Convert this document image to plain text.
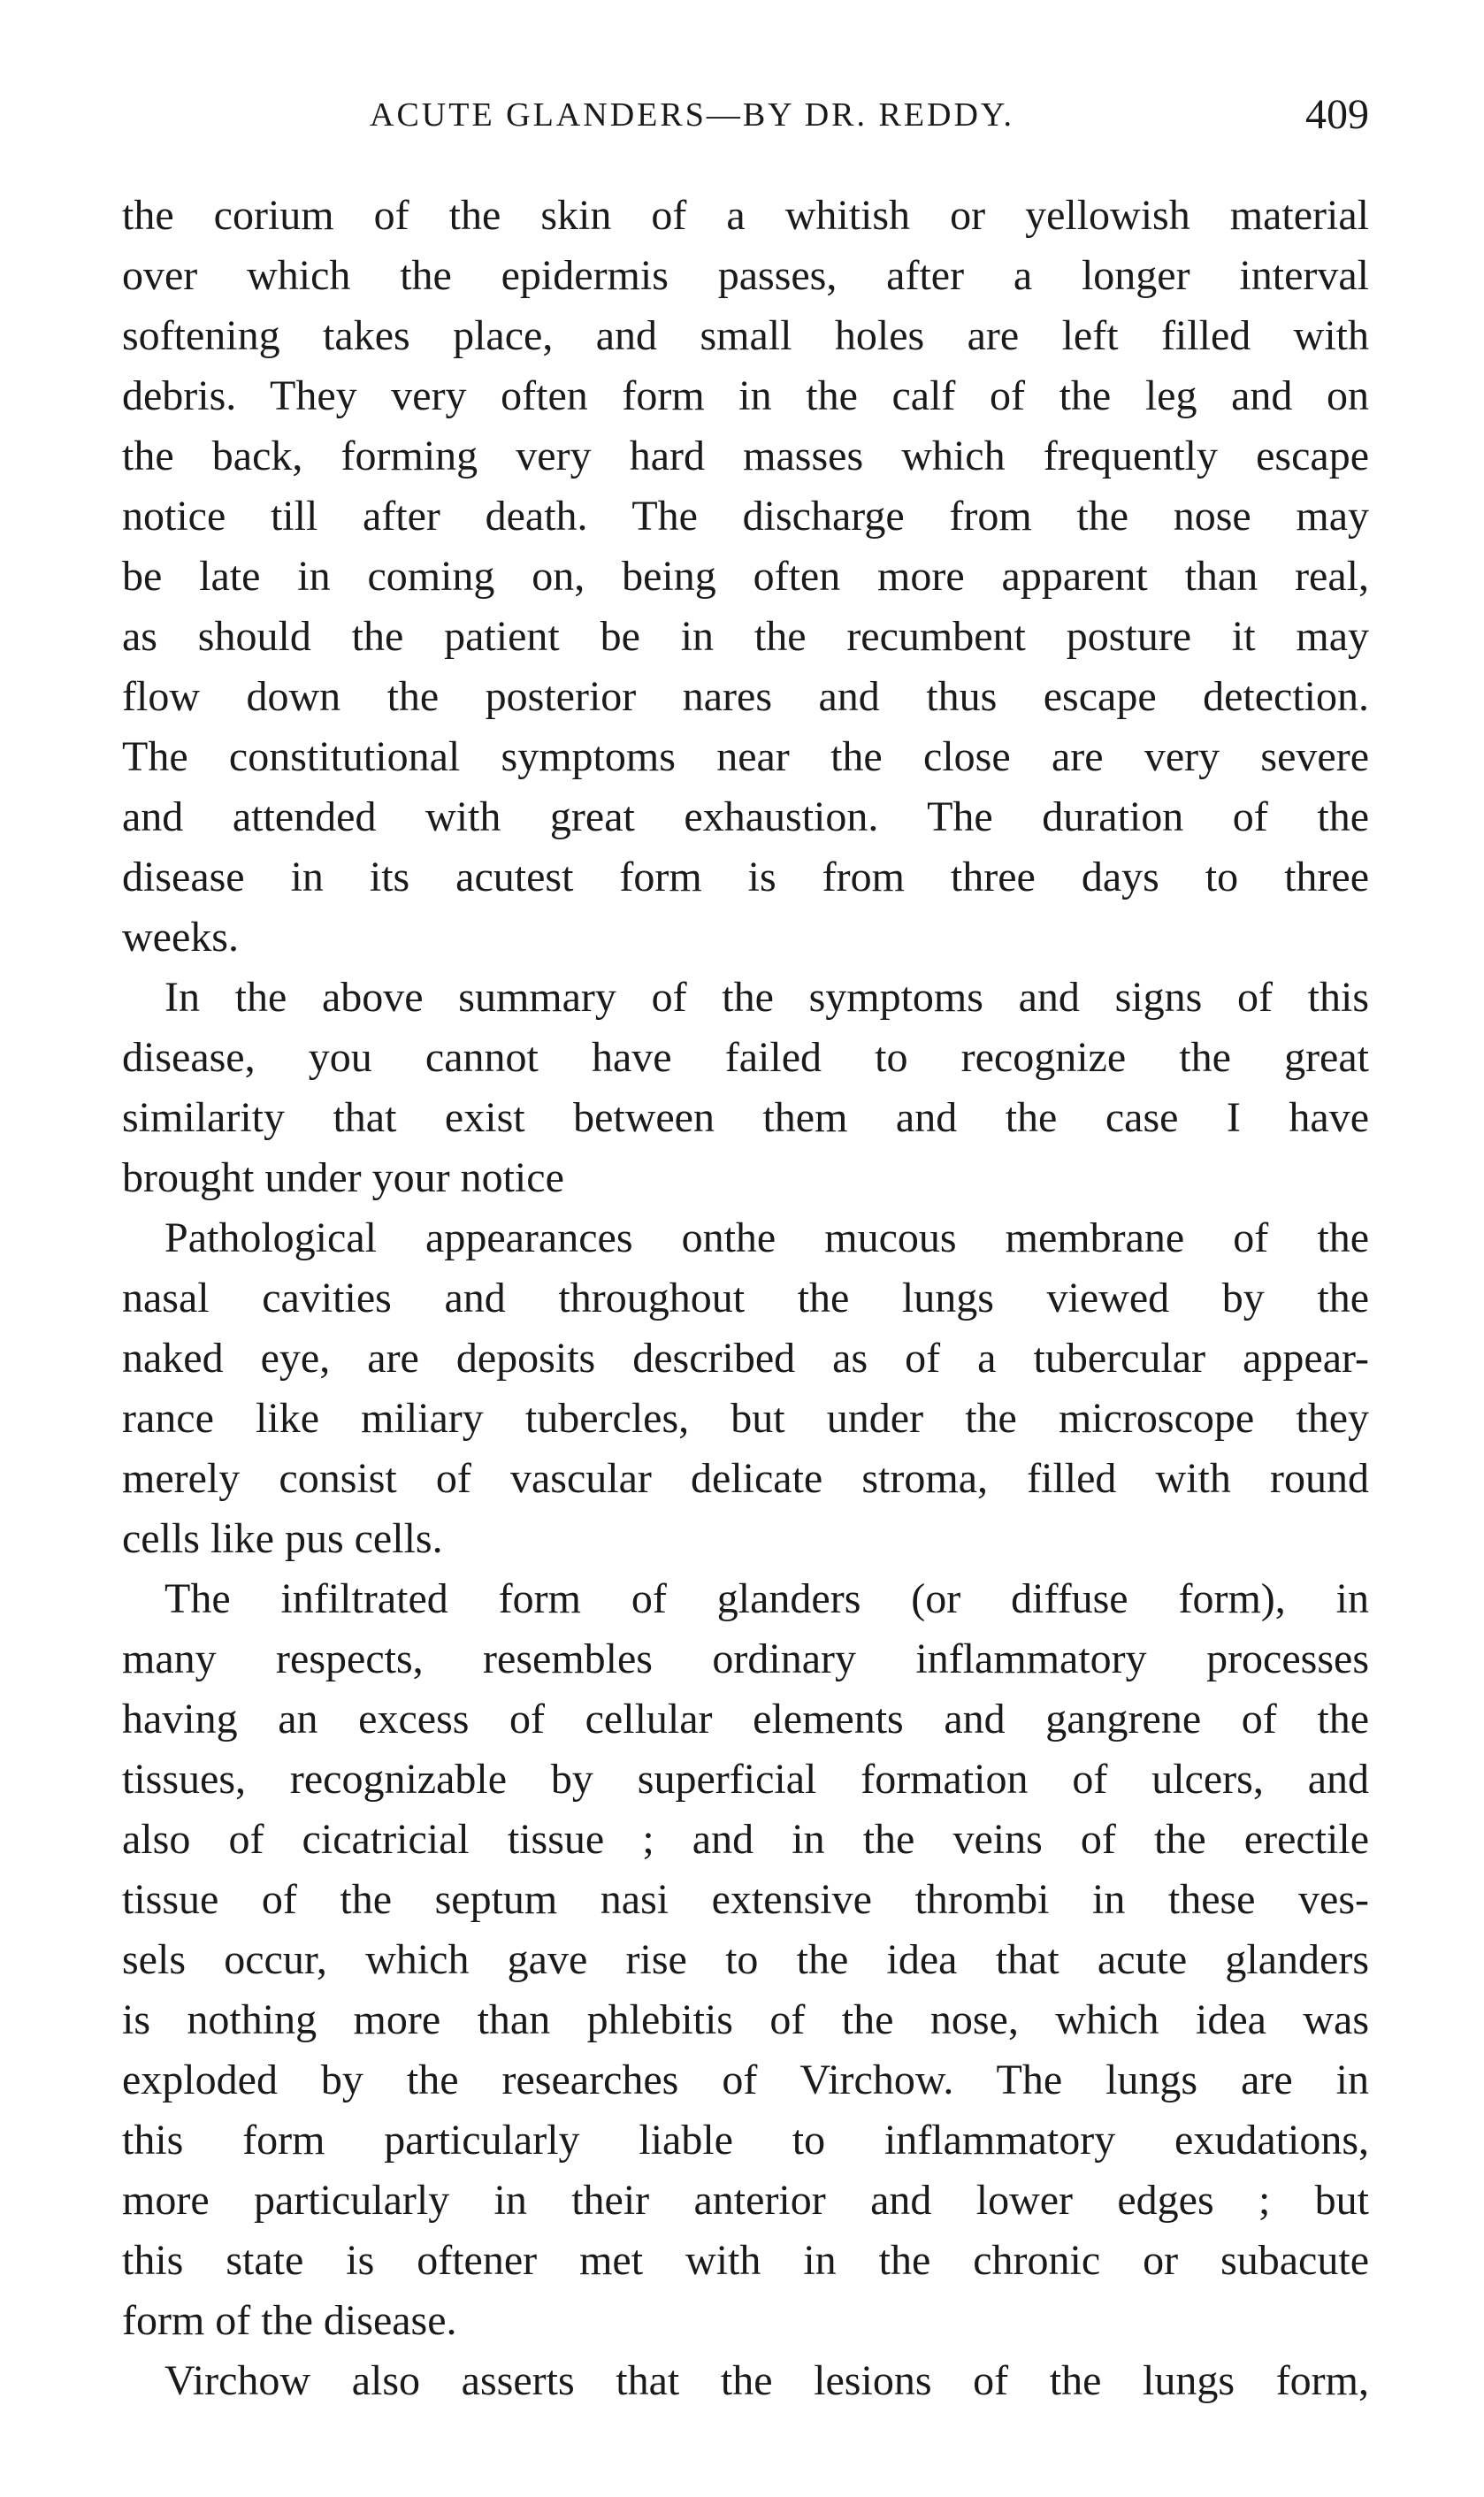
ACUTE GLANDERS—BY DR. REDDY.	409
the corium of the skin of a whitish or yellowish material
over which the epidermis passes, after a longer interval
softening takes place, and small holes are left filled with
debris. They very often form in the calf of the leg and on
the back, forming very hard masses which frequently escape
notice till after death. The discharge from the nose may
be late in coming on, being often more apparent than real,
as should the patient be in the recumbent posture it may
flow down the posterior nares and thus escape detection.
The constitutional symptoms near the close are very severe
and attended with great exhaustion. The duration of the
disease in its acutest form is from three days to three
weeks.
In the above summary of the symptoms and signs of this
disease, you cannot have failed to recognize the great
similarity that exist between them and the case I have
brought under your notice
Pathological appearances onthe mucous membrane of the
nasal cavities and throughout the lungs viewed by the
naked eye, are deposits described as of a tubercular appear-
rance like miliary tubercles, but under the microscope they
merely consist of vascular delicate stroma, filled with round
cells like pus cells.
The infiltrated form of glanders (or diffuse form), in
many respects, resembles ordinary inflammatory processes
having an excess of cellular elements and gangrene of the
tissues, recognizable by superficial formation of ulcers, and
also of cicatricial tissue ; and in the veins of the erectile
tissue of the septum nasi extensive thrombi in these ves-
sels occur, which gave rise to the idea that acute glanders
is nothing more than phlebitis of the nose, which idea was
exploded by the researches of Virchow. The lungs are in
this form particularly liable to inflammatory exudations,
more particularly in their anterior and lower edges ; but
this state is oftener met with in the chronic or subacute
form of the disease.
Virchow also asserts that the lesions of the lungs form,
